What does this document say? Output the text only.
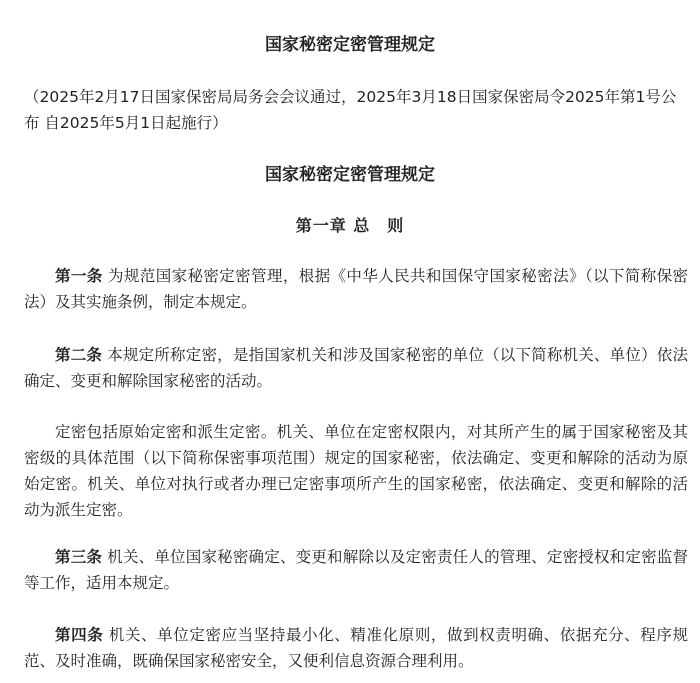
国家秘密定密管理规定
（2025年2月17日国家保密局局务会会议通过，2025年3月18日国家保密局令2025年第1号公布 自2025年5月1日起施行）
国家秘密定密管理规定
第一章 总　则

第一条 为规范国家秘密定密管理，根据《中华人民共和国保守国家秘密法》（以下简称保密法）及其实施条例，制定本规定。

第二条 本规定所称定密，是指国家机关和涉及国家秘密的单位（以下简称机关、单位）依法确定、变更和解除国家秘密的活动。

定密包括原始定密和派生定密。机关、单位在定密权限内，对其所产生的属于国家秘密及其密级的具体范围（以下简称保密事项范围）规定的国家秘密，依法确定、变更和解除的活动为原始定密。机关、单位对执行或者办理已定密事项所产生的国家秘密，依法确定、变更和解除的活动为派生定密。

第三条 机关、单位国家秘密确定、变更和解除以及定密责任人的管理、定密授权和定密监督等工作，适用本规定。

第四条 机关、单位定密应当坚持最小化、精准化原则，做到权责明确、依据充分、程序规范、及时准确，既确保国家秘密安全，又便利信息资源合理利用。
